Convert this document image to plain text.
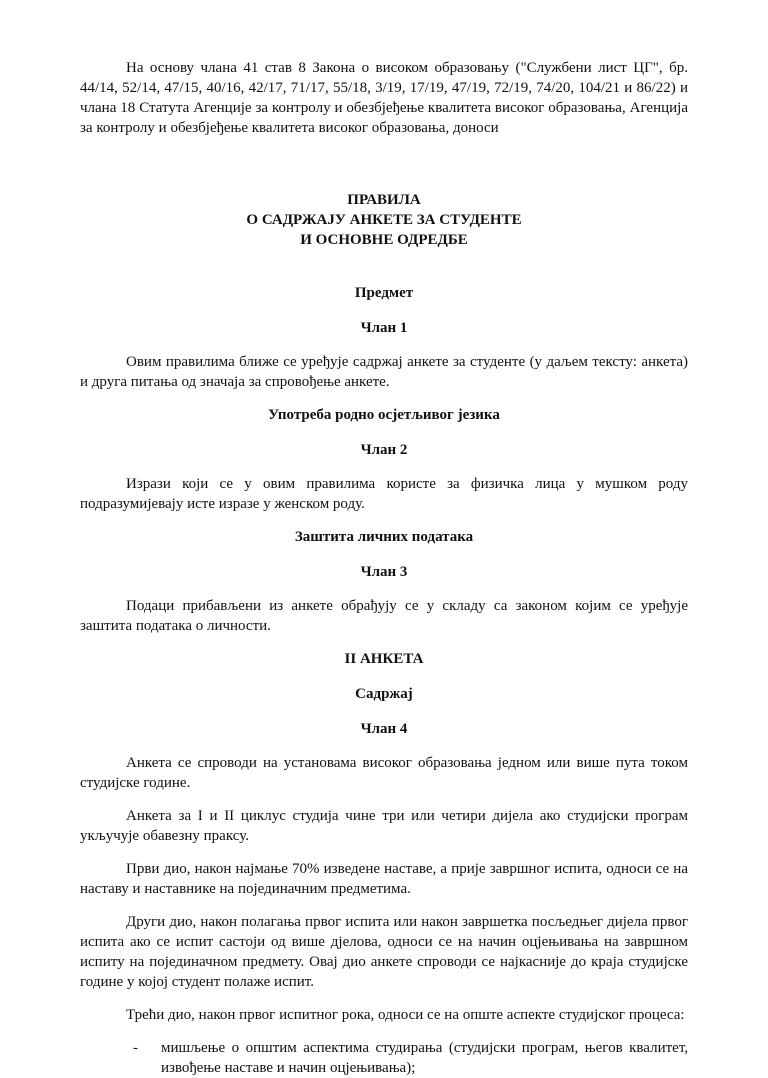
На основу члана 41 став 8 Закона о високом образовању ("Службени лист ЦГ", бр. 44/14, 52/14, 47/15, 40/16, 42/17, 71/17, 55/18, 3/19, 17/19, 47/19, 72/19, 74/20, 104/21 и 86/22) и члана 18 Статута Агенције за контролу и обезбјеђење квалитета високог образовања, Агенција за контролу и обезбјеђење квалитета високог образовања, доноси

ПРАВИЛА
О САДРЖАЈУ АНКЕТЕ ЗА СТУДЕНТЕ
И ОСНОВНЕ ОДРЕДБЕ

Предмет

Члан 1

Овим правилима ближе се уређује садржај анкете за студенте (у даљем тексту: анкета) и друга питања од значаја за спровођење анкете.

Употреба родно осјетљивог језика

Члан 2

Изрази који се у овим правилима користе за физичка лица у мушком роду подразумијевају исте изразе у женском роду.

Заштита личних података

Члан 3

Подаци прибављени из анкете обрађују се у складу са законом којим се уређује заштита података о личности.

II АНКЕТА

Садржај

Члан 4

Анкета се спроводи на установама високог образовања једном или више пута током студијске године.

Анкета за I и II циклус студија чине три или четири дијела ако студијски програм укључује обавезну праксу.

Први дио, након најмање 70% изведене наставе, а прије завршног испита, односи се на наставу и наставнике на појединачним предметима.

Други дио, након полагања првог испита или након завршетка посљедњег дијела првог испита ако се испит састоји од више дјелова, односи се на начин оцјењивања на завршном испиту на појединачном предмету. Овај дио анкете спроводи се најкасније до краја студијске године у којој студент полаже испит.

Трећи дио, након првог испитног рока, односи се на опште аспекте студијског процеса:

- мишљење о општим аспектима студирања (студијски програм, његов квалитет, извођење наставе и начин оцјењивања);
